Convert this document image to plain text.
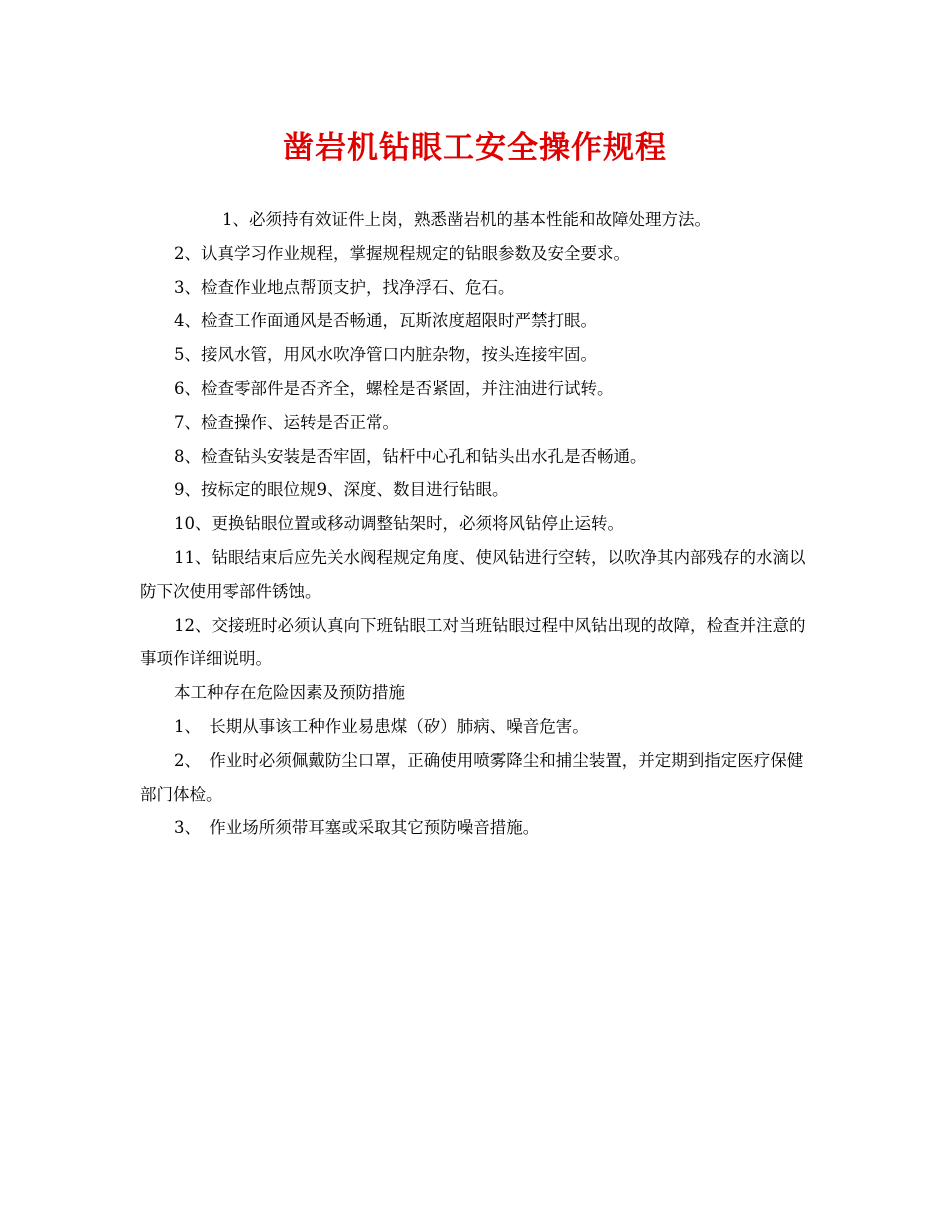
凿岩机钻眼工安全操作规程

1、必须持有效证件上岗，熟悉凿岩机的基本性能和故障处理方法。

2、认真学习作业规程，掌握规程规定的钻眼参数及安全要求。

3、检查作业地点帮顶支护，找净浮石、危石。

4、检查工作面通风是否畅通，瓦斯浓度超限时严禁打眼。

5、接风水管，用风水吹净管口内脏杂物，按头连接牢固。

6、检查零部件是否齐全，螺栓是否紧固，并注油进行试转。

7、检查操作、运转是否正常。

8、检查钻头安装是否牢固，钻杆中心孔和钻头出水孔是否畅通。

9、按标定的眼位规9、深度、数目进行钻眼。

10、更换钻眼位置或移动调整钻架时，必须将风钻停止运转。

11、钻眼结束后应先关水阀程规定角度、使风钻进行空转，以吹净其内部残存的水滴以防下次使用零部件锈蚀。

12、交接班时必须认真向下班钻眼工对当班钻眼过程中风钻出现的故障，检查并注意的事项作详细说明。

本工种存在危险因素及预防措施

1、　长期从事该工种作业易患煤（矽）肺病、噪音危害。

2、　作业时必须佩戴防尘口罩，正确使用喷雾降尘和捕尘装置，并定期到指定医疗保健部门体检。

3、　作业场所须带耳塞或采取其它预防噪音措施。
